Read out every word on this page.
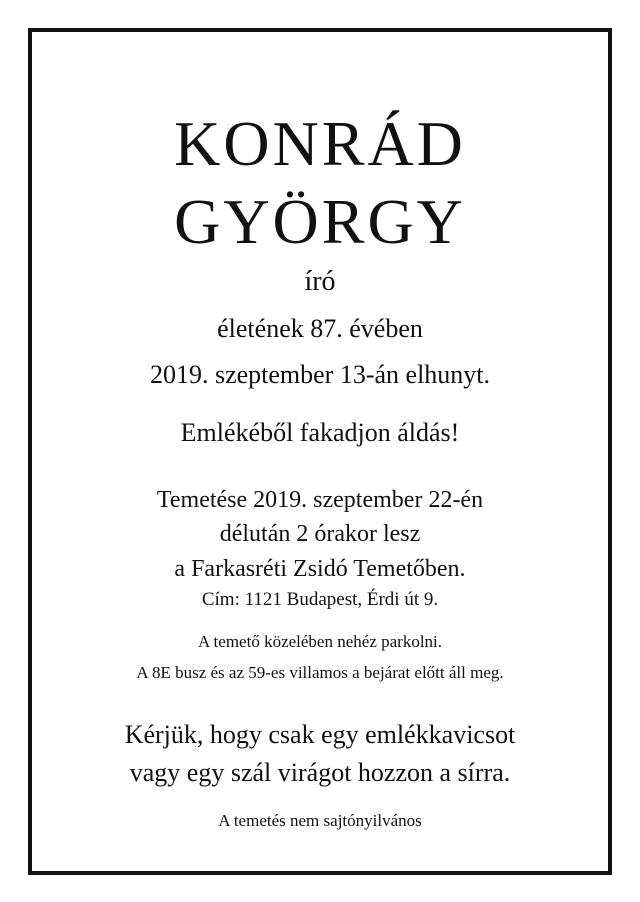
KONRÁD
GYÖRGY

író

életének 87. évében

2019. szeptember 13-án elhunyt.

Emlékéből fakadjon áldás!

Temetése 2019. szeptember 22-én

délután 2 órakor lesz

a Farkasréti Zsidó Temetőben.

Cím: 1121 Budapest, Érdi út 9.

A temető közelében nehéz parkolni.

A 8E busz és az 59-es villamos a bejárat előtt áll meg.

Kérjük, hogy csak egy emlékkavicsot

vagy egy szál virágot hozzon a sírra.

A temetés nem sajtónyilvános
